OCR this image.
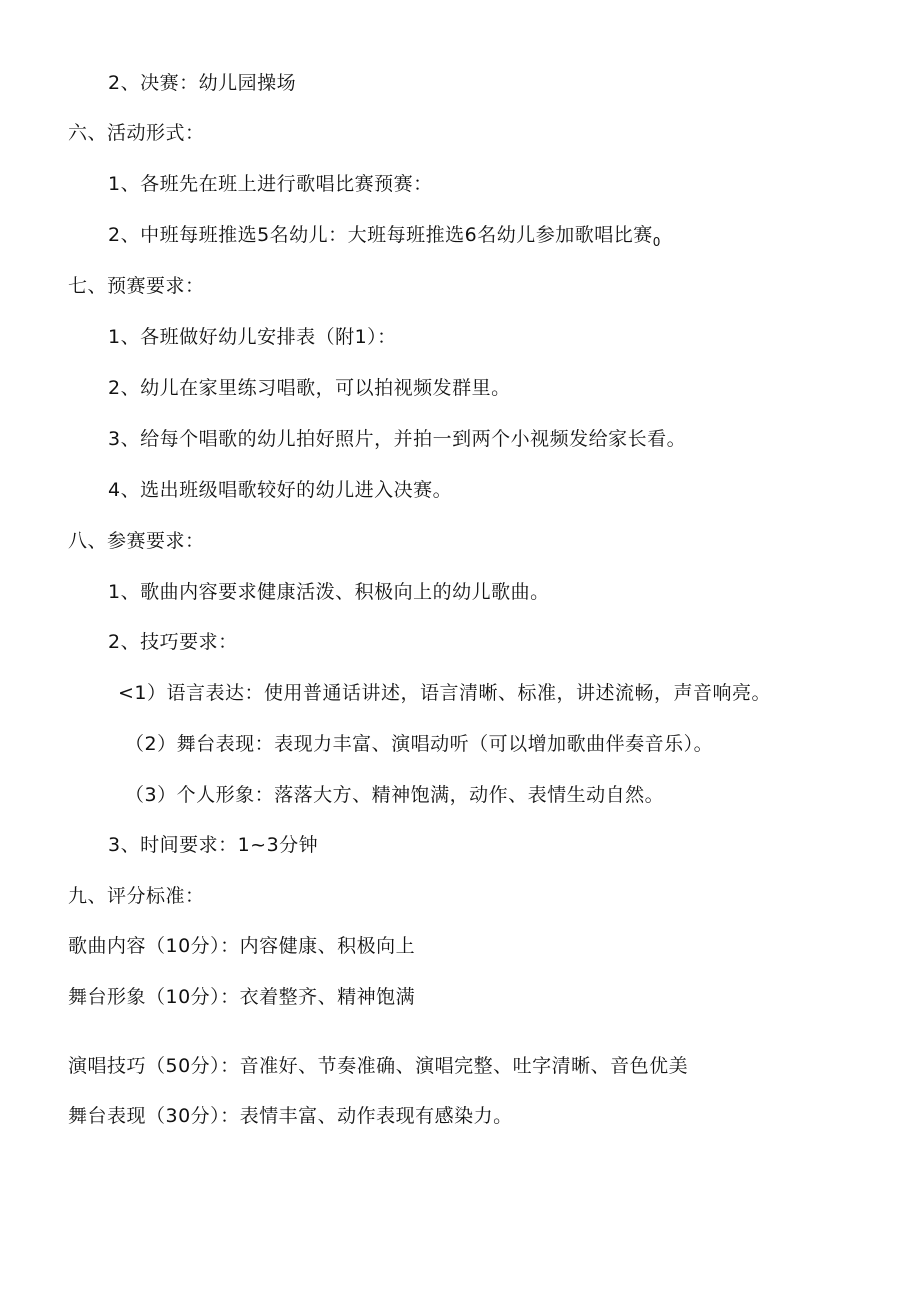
2、决赛：幼儿园操场
六、活动形式：
1、各班先在班上进行歌唱比赛预赛：
2、中班每班推选5名幼儿：大班每班推选6名幼儿参加歌唱比赛$_0$
七、预赛要求：
1、各班做好幼儿安排表（附1）：
2、幼儿在家里练习唱歌，可以拍视频发群里。
3、给每个唱歌的幼儿拍好照片，并拍一到两个小视频发给家长看。
4、选出班级唱歌较好的幼儿进入决赛。
八、参赛要求：
1、歌曲内容要求健康活泼、积极向上的幼儿歌曲。
2、技巧要求：
<1）语言表达：使用普通话讲述，语言清晰、标准，讲述流畅，声音响亮。
（2）舞台表现：表现力丰富、演唱动听（可以增加歌曲伴奏音乐）。
（3）个人形象：落落大方、精神饱满，动作、表情生动自然。
3、时间要求：1~3分钟
九、评分标准：
歌曲内容（10分）：内容健康、积极向上
舞台形象（10分）：衣着整齐、精神饱满
演唱技巧（50分）：音准好、节奏准确、演唱完整、吐字清晰、音色优美
舞台表现（30分）：表情丰富、动作表现有感染力。
